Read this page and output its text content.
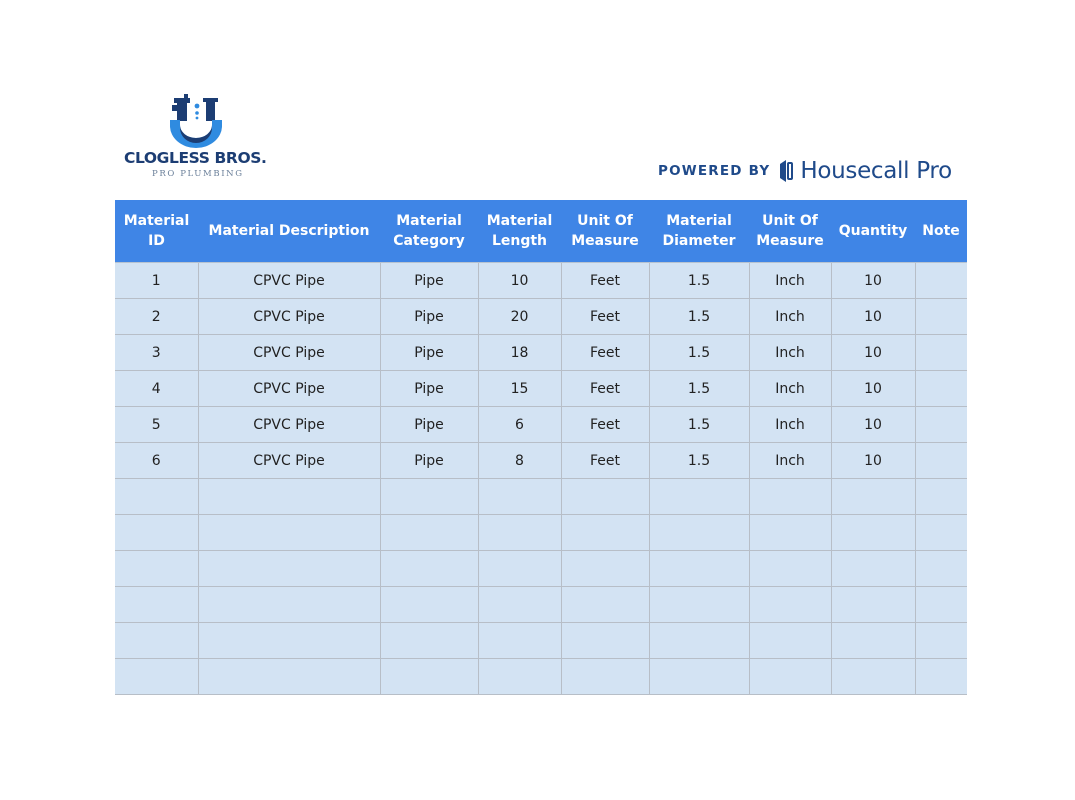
CLOGLESS BROS.
PRO PLUMBING	POWERED BY Housecall Pro
Material ID	Material Description	Material Category	Material Length	Unit Of Measure	Material Diameter	Unit Of Measure	Quantity	Note
1	CPVC Pipe	Pipe	10	Feet	1.5	Inch	10	
2	CPVC Pipe	Pipe	20	Feet	1.5	Inch	10	
3	CPVC Pipe	Pipe	18	Feet	1.5	Inch	10	
4	CPVC Pipe	Pipe	15	Feet	1.5	Inch	10	
5	CPVC Pipe	Pipe	6	Feet	1.5	Inch	10	
6	CPVC Pipe	Pipe	8	Feet	1.5	Inch	10	
